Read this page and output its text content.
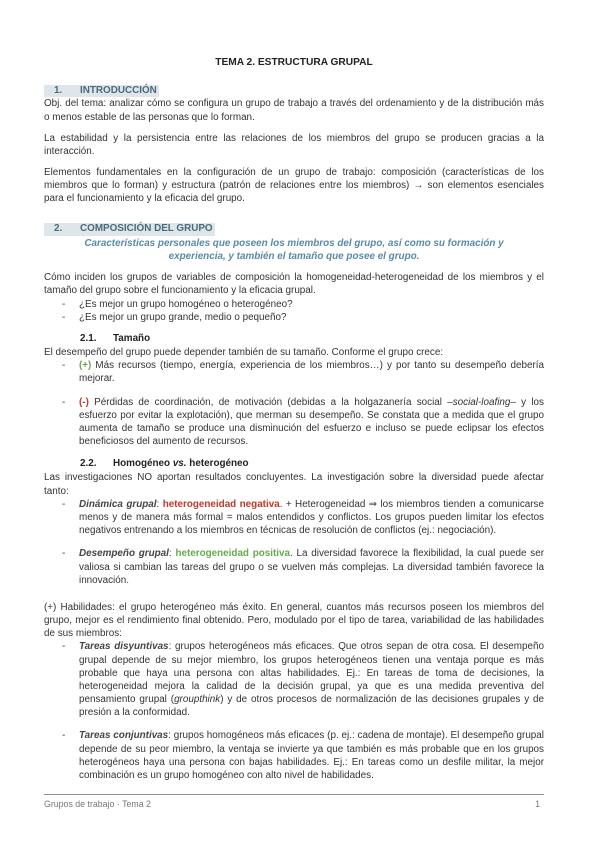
TEMA 2. ESTRUCTURA GRUPAL
1. INTRODUCCIÓN

Obj. del tema: analizar cómo se configura un grupo de trabajo a través del ordenamiento y de la distribución más o menos estable de las personas que lo forman.

La estabilidad y la persistencia entre las relaciones de los miembros del grupo se producen gracias a la interacción.

Elementos fundamentales en la configuración de un grupo de trabajo: composición (características de los miembros que lo forman) y estructura (patrón de relaciones entre los miembros) → son elementos esenciales para el funcionamiento y la eficacia del grupo.

2. COMPOSICIÓN DEL GRUPO
Características personales que poseen los miembros del grupo, así como su formación y experiencia, y también el tamaño que posee el grupo.

Cómo inciden los grupos de variables de composición la homogeneidad-heterogeneidad de los miembros y el tamaño del grupo sobre el funcionamiento y la eficacia grupal.

- ¿Es mejor un grupo homogéneo o heterogéneo?
- ¿Es mejor un grupo grande, medio o pequeño?
2.1. Tamaño

El desempeño del grupo puede depender también de su tamaño. Conforme el grupo crece:

- (+) Más recursos (tiempo, energía, experiencia de los miembros…) y por tanto su desempeño debería mejorar.
- (-) Pérdidas de coordinación, de motivación (debidas a la holgazanería social –social-loafing– y los esfuerzo por evitar la explotación), que merman su desempeño. Se constata que a medida que el grupo aumenta de tamaño se produce una disminución del esfuerzo e incluso se puede eclipsar los efectos beneficiosos del aumento de recursos.
2.2. Homogéneo vs. heterogéneo

Las investigaciones NO aportan resultados concluyentes. La investigación sobre la diversidad puede afectar tanto:

- Dinámica grupal: heterogeneidad negativa. + Heterogeneidad ⇒ los miembros tienden a comunicarse menos y de manera más formal = malos entendidos y conflictos. Los grupos pueden limitar los efectos negativos entrenando a los miembros en técnicas de resolución de conflictos (ej.: negociación).
- Desempeño grupal: heterogeneidad positiva. La diversidad favorece la flexibilidad, la cual puede ser valiosa si cambian las tareas del grupo o se vuelven más complejas. La diversidad también favorece la innovación.

(+) Habilidades: el grupo heterogéneo más éxito. En general, cuantos más recursos poseen los miembros del grupo, mejor es el rendimiento final obtenido. Pero, modulado por el tipo de tarea, variabilidad de las habilidades de sus miembros:

- Tareas disyuntivas: grupos heterogéneos más eficaces. Que otros sepan de otra cosa. El desempeño grupal depende de su mejor miembro, los grupos heterogéneos tienen una ventaja porque es más probable que haya una persona con altas habilidades. Ej.: En tareas de toma de decisiones, la heterogeneidad mejora la calidad de la decisión grupal, ya que es una medida preventiva del pensamiento grupal (groupthink) y de otros procesos de normalización de las decisiones grupales y de presión a la conformidad.
- Tareas conjuntivas: grupos homogéneos más eficaces (p. ej.: cadena de montaje). El desempeño grupal depende de su peor miembro, la ventaja se invierte ya que también es más probable que en los grupos heterogéneos haya una persona con bajas habilidades. Ej.: En tareas como un desfile militar, la mejor combinación es un grupo homogéneo con alto nivel de habilidades.
Grupos de trabajo · Tema 2	1
